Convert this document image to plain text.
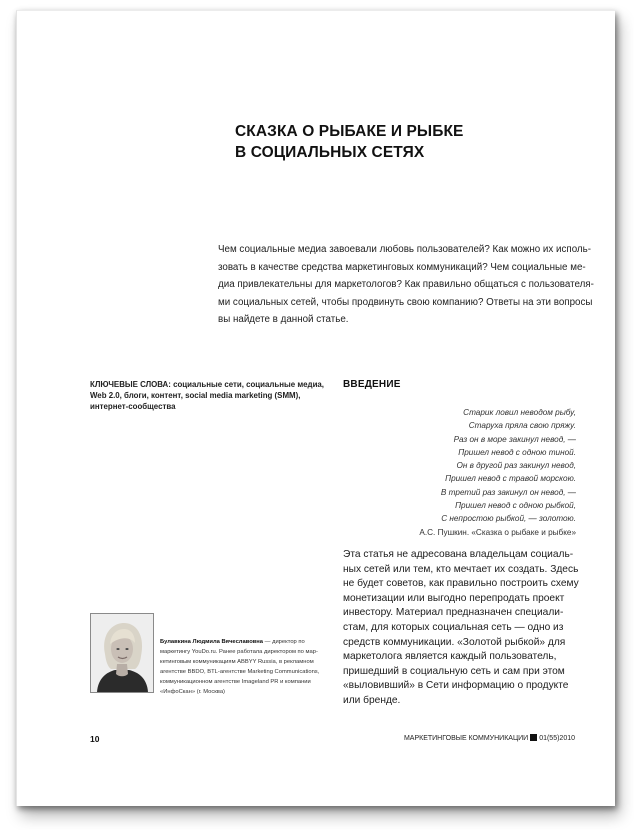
СКАЗКА О РЫБАКЕ И РЫБКЕ
В СОЦИАЛЬНЫХ СЕТЯХ
Чем социальные медиа завоевали любовь пользователей? Как можно их исполь-
зовать в качестве средства маркетинговых коммуникаций? Чем социальные ме-
диа привлекательны для маркетологов? Как правильно общаться с пользователя-
ми социальных сетей, чтобы продвинуть свою компанию? Ответы на эти вопросы
вы найдете в данной статье.
КЛЮЧЕВЫЕ СЛОВА: социальные сети, социальные медиа,
Web 2.0, блоги, контент, social media marketing (SMM),
интернет-сообщества
ВВЕДЕНИЕ
Старик ловил неводом рыбу,
Старуха пряла свою пряжу.
Раз он в море закинул невод, —
Пришел невод с одною тиной.
Он в другой раз закинул невод,
Пришел невод с травой морскою.
В третий раз закинул он невод, —
Пришел невод с одною рыбкой,
С непростою рыбкой, — золотою.
А.С. Пушкин. «Сказка о рыбаке и рыбке»
Эта статья не адресована владельцам социаль-
ных сетей или тем, кто мечтает их создать. Здесь
не будет советов, как правильно построить схему
монетизации или выгодно перепродать проект
инвестору. Материал предназначен специали-
стам, для которых социальная сеть — одно из
средств коммуникации. «Золотой рыбкой» для
маркетолога является каждый пользователь,
пришедший в социальную сеть и сам при этом
«выловивший» в Сети информацию о продукте
или бренде.
Булавкина Людмила Вячеславовна — директор по
маркетингу YouDo.ru. Ранее работала директором по мар-
кетинговым коммуникациям ABBYY Russia, в рекламном
агентстве BBDO, BTL-агентстве Marketing Communications,
коммуникационном агентстве Imageland PR и компании
«ИнфоСкан» (г. Москва)
10	МАРКЕТИНГОВЫЕ КОММУНИКАЦИИ 01(55)2010
